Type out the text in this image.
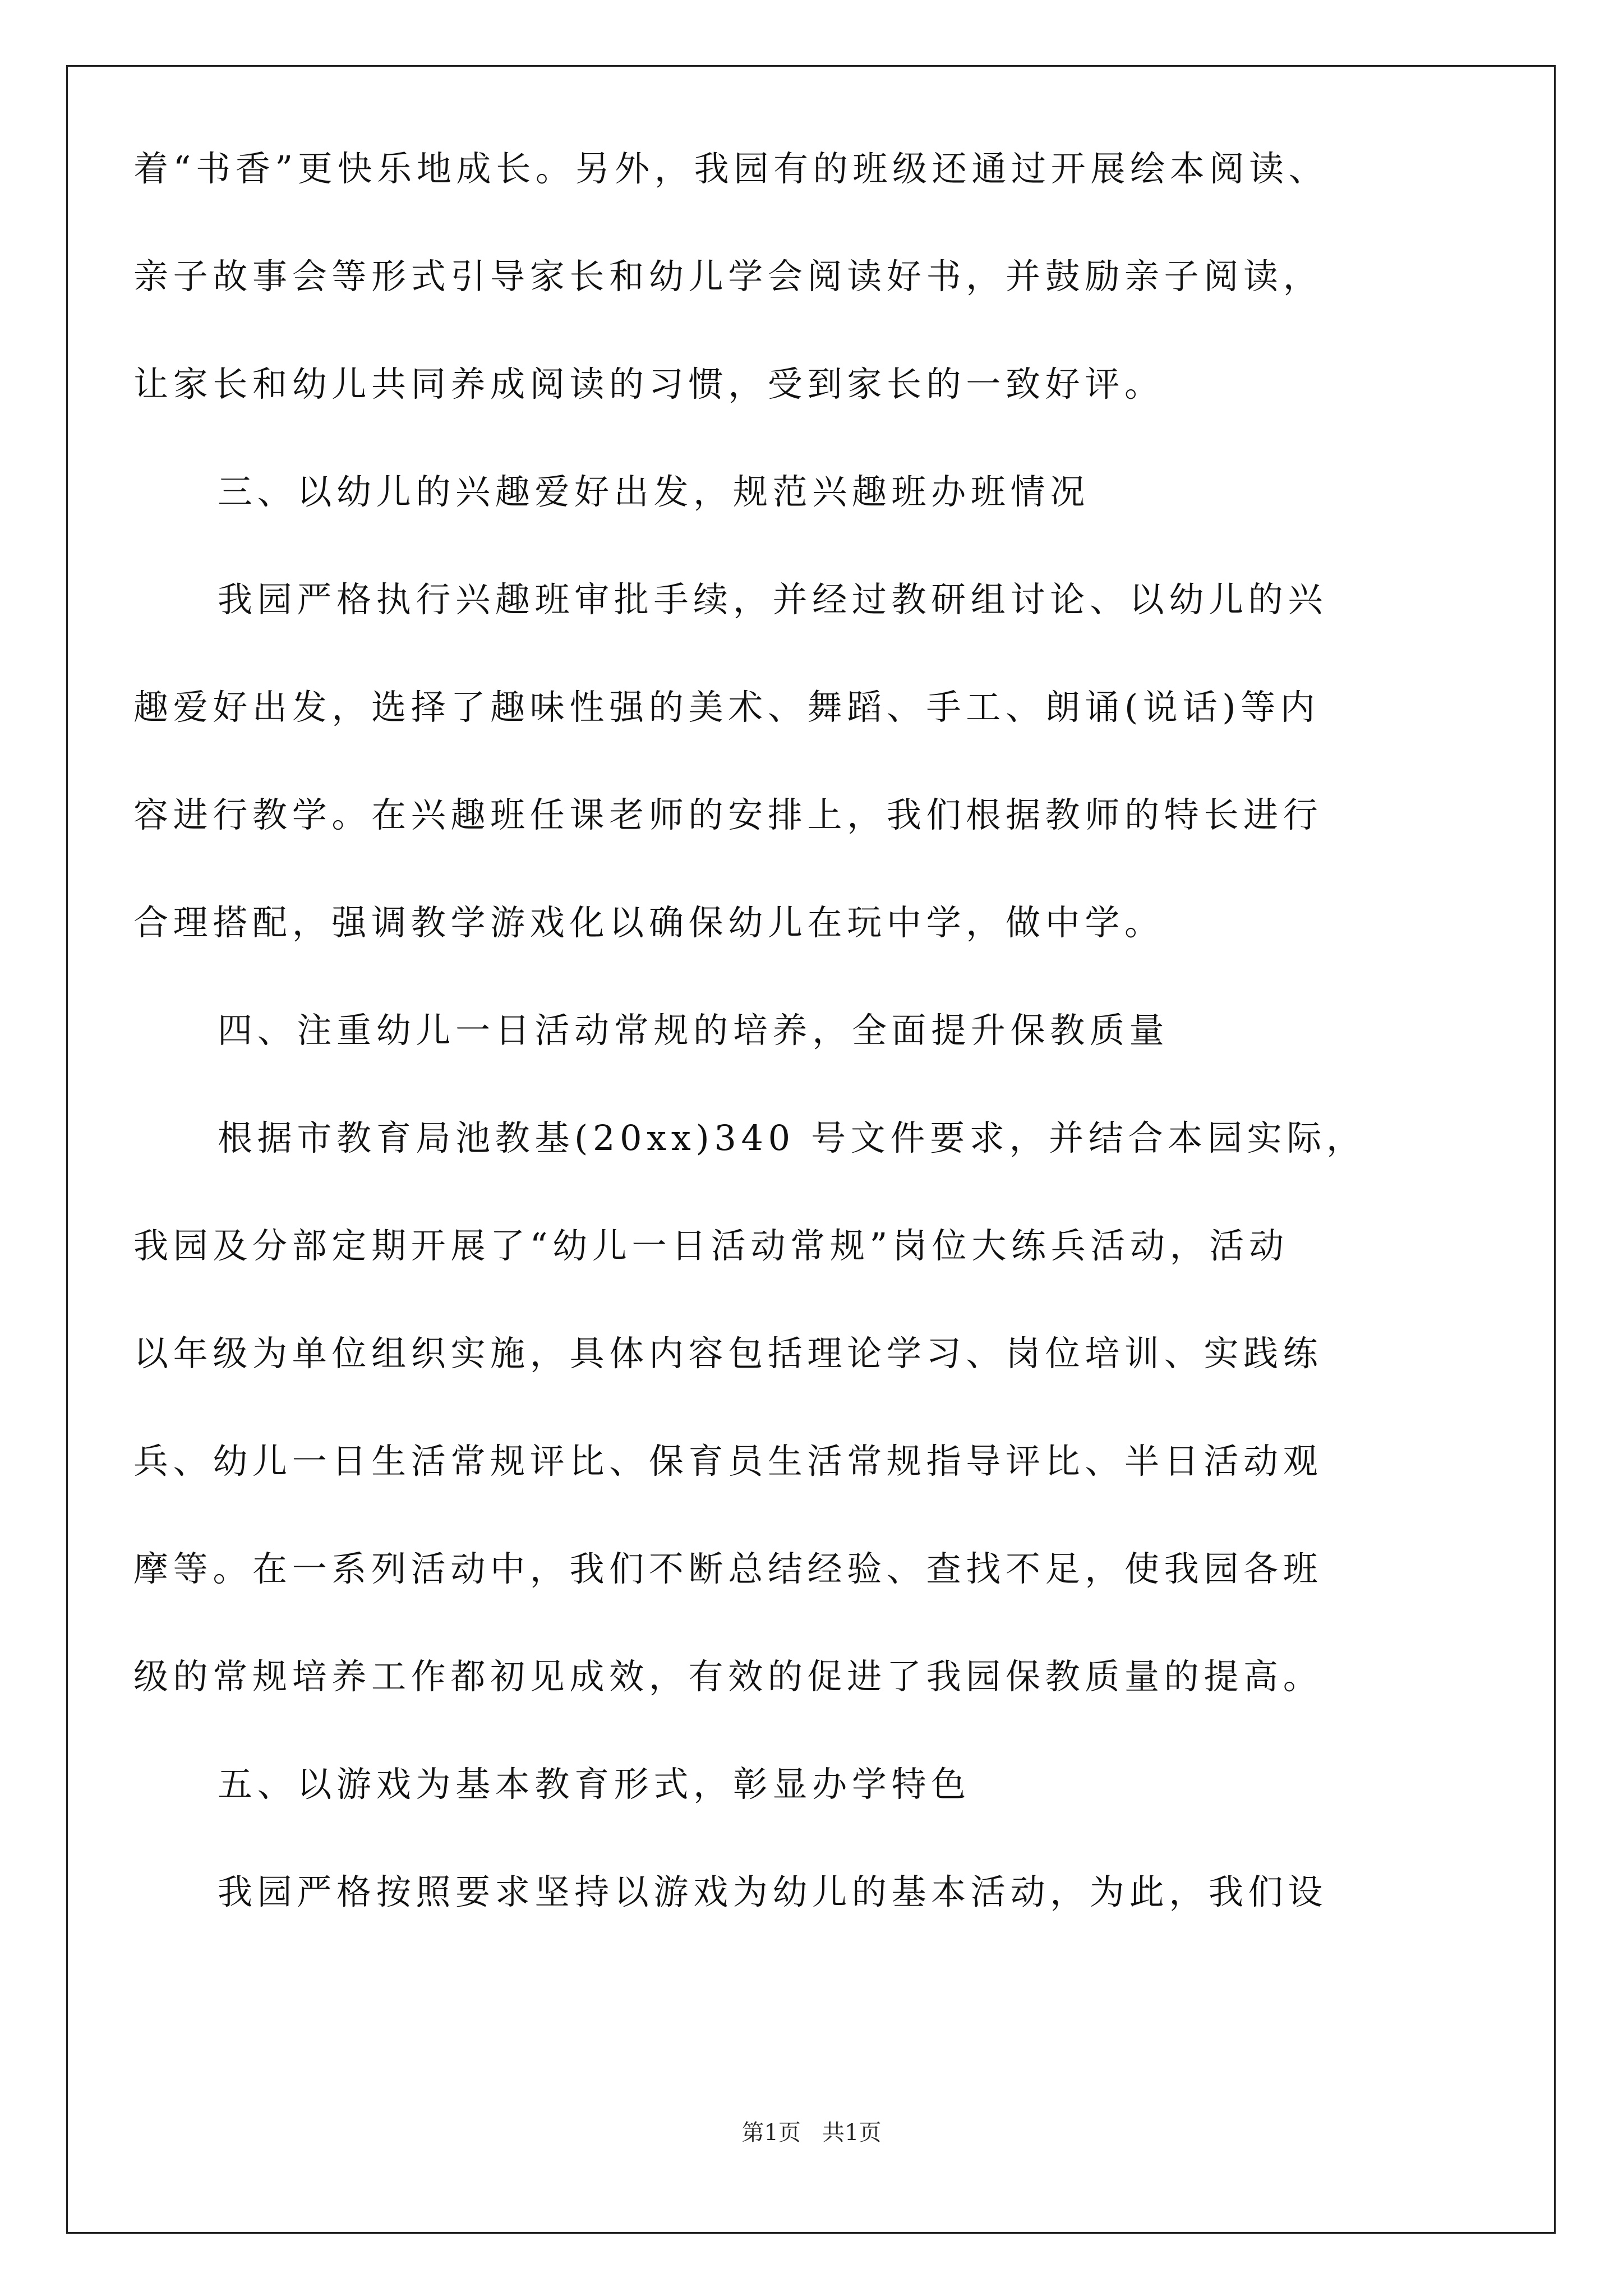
着“书香”更快乐地成长。另外，我园有的班级还通过开展绘本阅读、
亲子故事会等形式引导家长和幼儿学会阅读好书，并鼓励亲子阅读，
让家长和幼儿共同养成阅读的习惯，受到家长的一致好评。
三、以幼儿的兴趣爱好出发，规范兴趣班办班情况
我园严格执行兴趣班审批手续，并经过教研组讨论、以幼儿的兴
趣爱好出发，选择了趣味性强的美术、舞蹈、手工、朗诵(说话)等内
容进行教学。在兴趣班任课老师的安排上，我们根据教师的特长进行
合理搭配，强调教学游戏化以确保幼儿在玩中学，做中学。
四、注重幼儿一日活动常规的培养，全面提升保教质量
根据市教育局池教基(20xx)340 号文件要求，并结合本园实际，
我园及分部定期开展了“幼儿一日活动常规”岗位大练兵活动，活动
以年级为单位组织实施，具体内容包括理论学习、岗位培训、实践练
兵、幼儿一日生活常规评比、保育员生活常规指导评比、半日活动观
摩等。在一系列活动中，我们不断总结经验、查找不足，使我园各班
级的常规培养工作都初见成效，有效的促进了我园保教质量的提高。
五、以游戏为基本教育形式，彰显办学特色
我园严格按照要求坚持以游戏为幼儿的基本活动，为此，我们设
第1页   共1页
